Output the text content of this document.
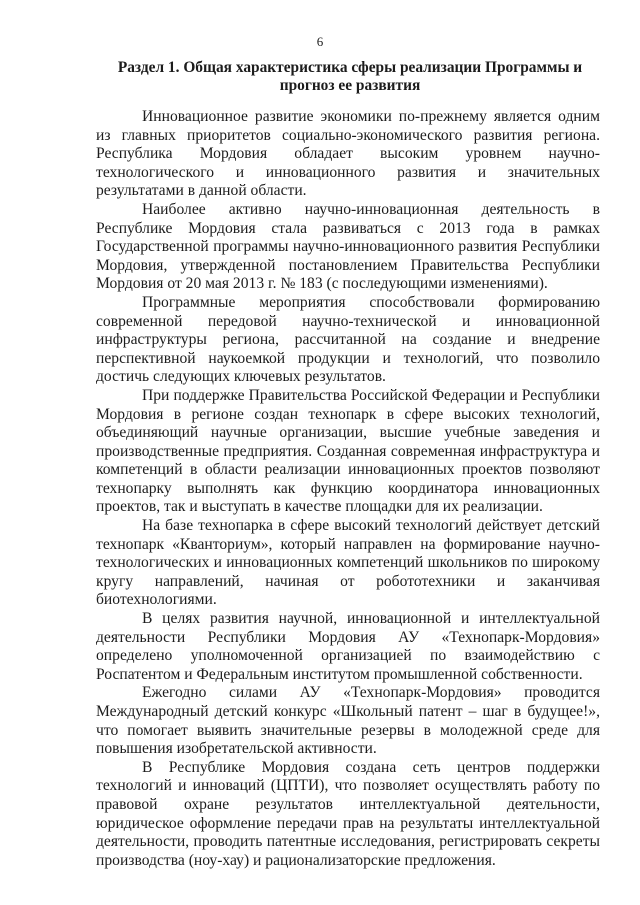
6
Раздел 1. Общая характеристика сферы реализации Программы и прогноз ее развития

Инновационное развитие экономики по-прежнему является одним из главных приоритетов социально-экономического развития региона. Республика Мордовия обладает высоким уровнем научно-технологического и инновационного развития и значительных результатами в данной области.

Наиболее активно научно-инновационная деятельность в Республике Мордовия стала развиваться с 2013 года в рамках Государственной программы научно-инновационного развития Республики Мордовия, утвержденной постановлением Правительства Республики Мордовия от 20 мая 2013 г. № 183 (с последующими изменениями).

Программные мероприятия способствовали формированию современной передовой научно-технической и инновационной инфраструктуры региона, рассчитанной на создание и внедрение перспективной наукоемкой продукции и технологий, что позволило достичь следующих ключевых результатов.

При поддержке Правительства Российской Федерации и Республики Мордовия в регионе создан технопарк в сфере высоких технологий, объединяющий научные организации, высшие учебные заведения и производственные предприятия. Созданная современная инфраструктура и компетенций в области реализации инновационных проектов позволяют технопарку выполнять как функцию координатора инновационных проектов, так и выступать в качестве площадки для их реализации.

На базе технопарка в сфере высокий технологий действует детский технопарк «Кванториум», который направлен на формирование научно-технологических и инновационных компетенций школьников по широкому кругу направлений, начиная от робототехники и заканчивая биотехнологиями.

В целях развития научной, инновационной и интеллектуальной деятельности Республики Мордовия АУ «Технопарк-Мордовия» определено уполномоченной организацией по взаимодействию с Роспатентом и Федеральным институтом промышленной собственности.

Ежегодно силами АУ «Технопарк-Мордовия» проводится Международный детский конкурс «Школьный патент – шаг в будущее!», что помогает выявить значительные резервы в молодежной среде для повышения изобретательской активности.

В Республике Мордовия создана сеть центров поддержки технологий и инноваций (ЦПТИ), что позволяет осуществлять работу по правовой охране результатов интеллектуальной деятельности, юридическое оформление передачи прав на результаты интеллектуальной деятельности, проводить патентные исследования, регистрировать секреты производства (ноу-хау) и рационализаторские предложения.
